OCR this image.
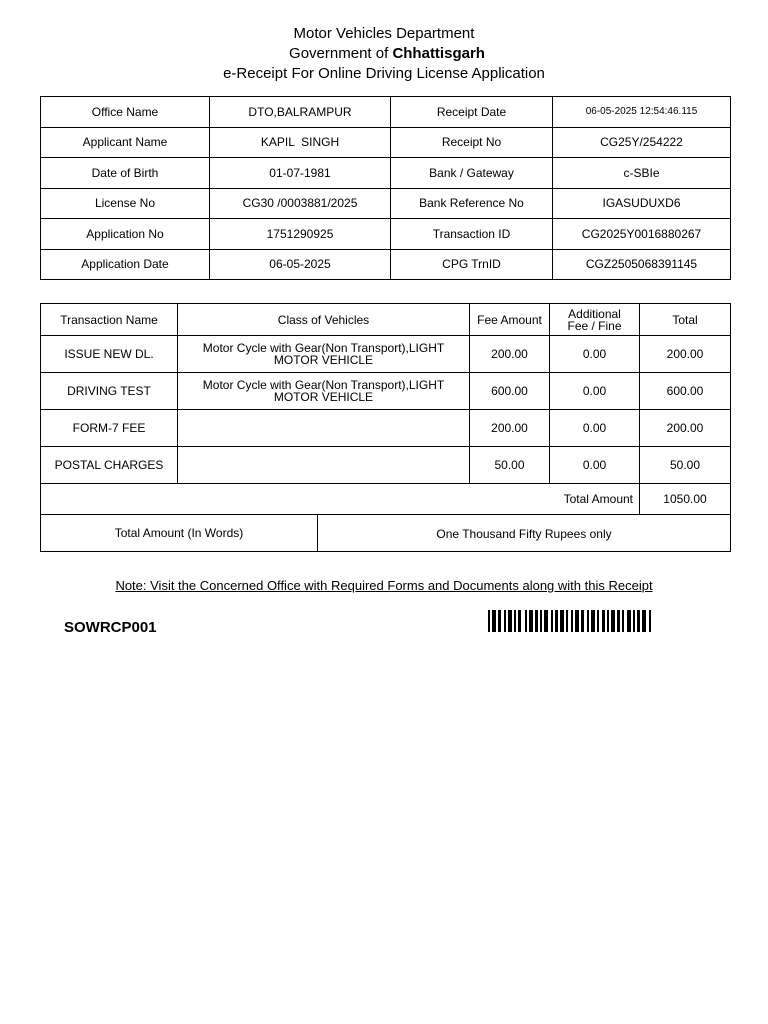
Motor Vehicles Department
Government of Chhattisgarh
e-Receipt For Online Driving License Application
Office Name	DTO,BALRAMPUR	Receipt Date	06-05-2025 12:54:46.115
Applicant Name	KAPIL  SINGH	Receipt No	CG25Y/254222
Date of Birth	01-07-1981	Bank / Gateway	c-SBIe
License No	CG30 /0003881/2025	Bank Reference No	IGASUDUXD6
Application No	1751290925	Transaction ID	CG2025Y0016880267
Application Date	06-05-2025	CPG TrnID	CGZ2505068391145
Transaction Name	Class of Vehicles	Fee Amount	Additional Fee / Fine	Total
ISSUE NEW DL.	Motor Cycle with Gear(Non Transport),LIGHT MOTOR VEHICLE	200.00	0.00	200.00
DRIVING TEST	Motor Cycle with Gear(Non Transport),LIGHT MOTOR VEHICLE	600.00	0.00	600.00
FORM-7 FEE		200.00	0.00	200.00
POSTAL CHARGES		50.00	0.00	50.00
Total Amount				1050.00

Total Amount (In Words) One Thousand Fifty Rupees only				
Note: Visit the Concerned Office with Required Forms and Documents along with this Receipt
SOWRCP001
